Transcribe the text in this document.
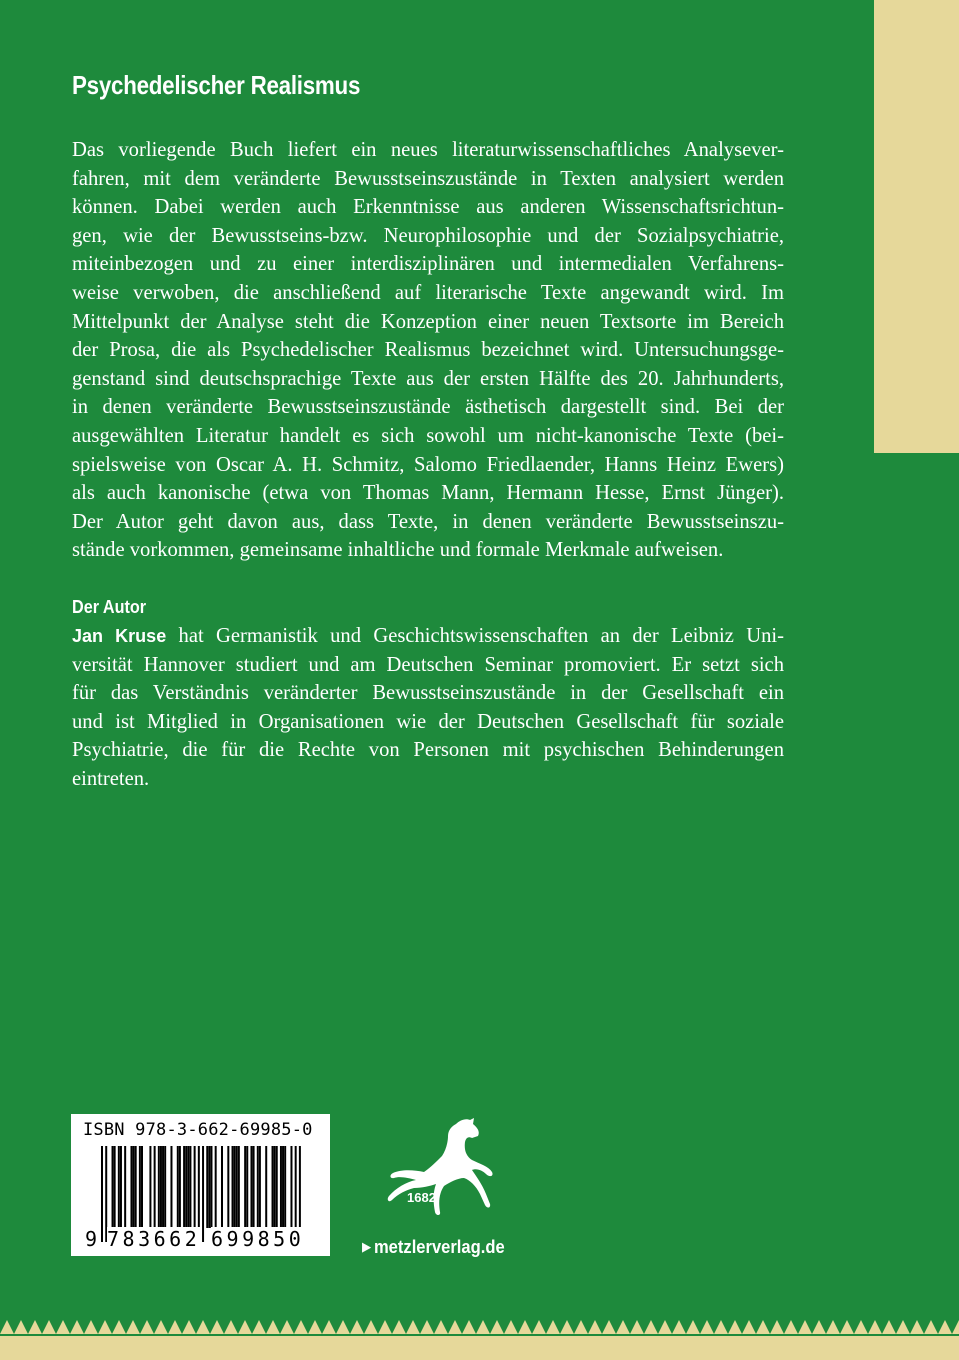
Psychedelischer Realismus

Das vorliegende Buch liefert ein neues literaturwissenschaftliches Analysever-
fahren, mit dem veränderte Bewusstseinszustände in Texten analysiert werden
können. Dabei werden auch Erkenntnisse aus anderen Wissenschaftsrichtun-
gen, wie der Bewusstseins-bzw. Neurophilosophie und der Sozialpsychiatrie,
miteinbezogen und zu einer interdisziplinären und intermedialen Verfahrens-
weise verwoben, die anschließend auf literarische Texte angewandt wird. Im
Mittelpunkt der Analyse steht die Konzeption einer neuen Textsorte im Bereich
der Prosa, die als Psychedelischer Realismus bezeichnet wird. Untersuchungsge-
genstand sind deutschsprachige Texte aus der ersten Hälfte des 20. Jahrhunderts,
in denen veränderte Bewusstseinszustände ästhetisch dargestellt sind. Bei der
ausgewählten Literatur handelt es sich sowohl um nicht-kanonische Texte (bei-
spielsweise von Oscar A. H. Schmitz, Salomo Friedlaender, Hanns Heinz Ewers)
als auch kanonische (etwa von Thomas Mann, Hermann Hesse, Ernst Jünger).
Der Autor geht davon aus, dass Texte, in denen veränderte Bewusstseinszu-
stände vorkommen, gemeinsame inhaltliche und formale Merkmale aufweisen.

Der Autor

Jan Kruse hat Germanistik und Geschichtswissenschaften an der Leibniz Uni-
versität Hannover studiert und am Deutschen Seminar promoviert. Er setzt sich
für das Verständnis veränderter Bewusstseinszustände in der Gesellschaft ein
und ist Mitglied in Organisationen wie der Deutschen Gesellschaft für soziale
Psychiatrie, die für die Rechte von Personen mit psychischen Behinderungen
eintreten.

ISBN 978-3-662-69985-0
9 783662 699850
1682
▶ metzlerverlag.de
